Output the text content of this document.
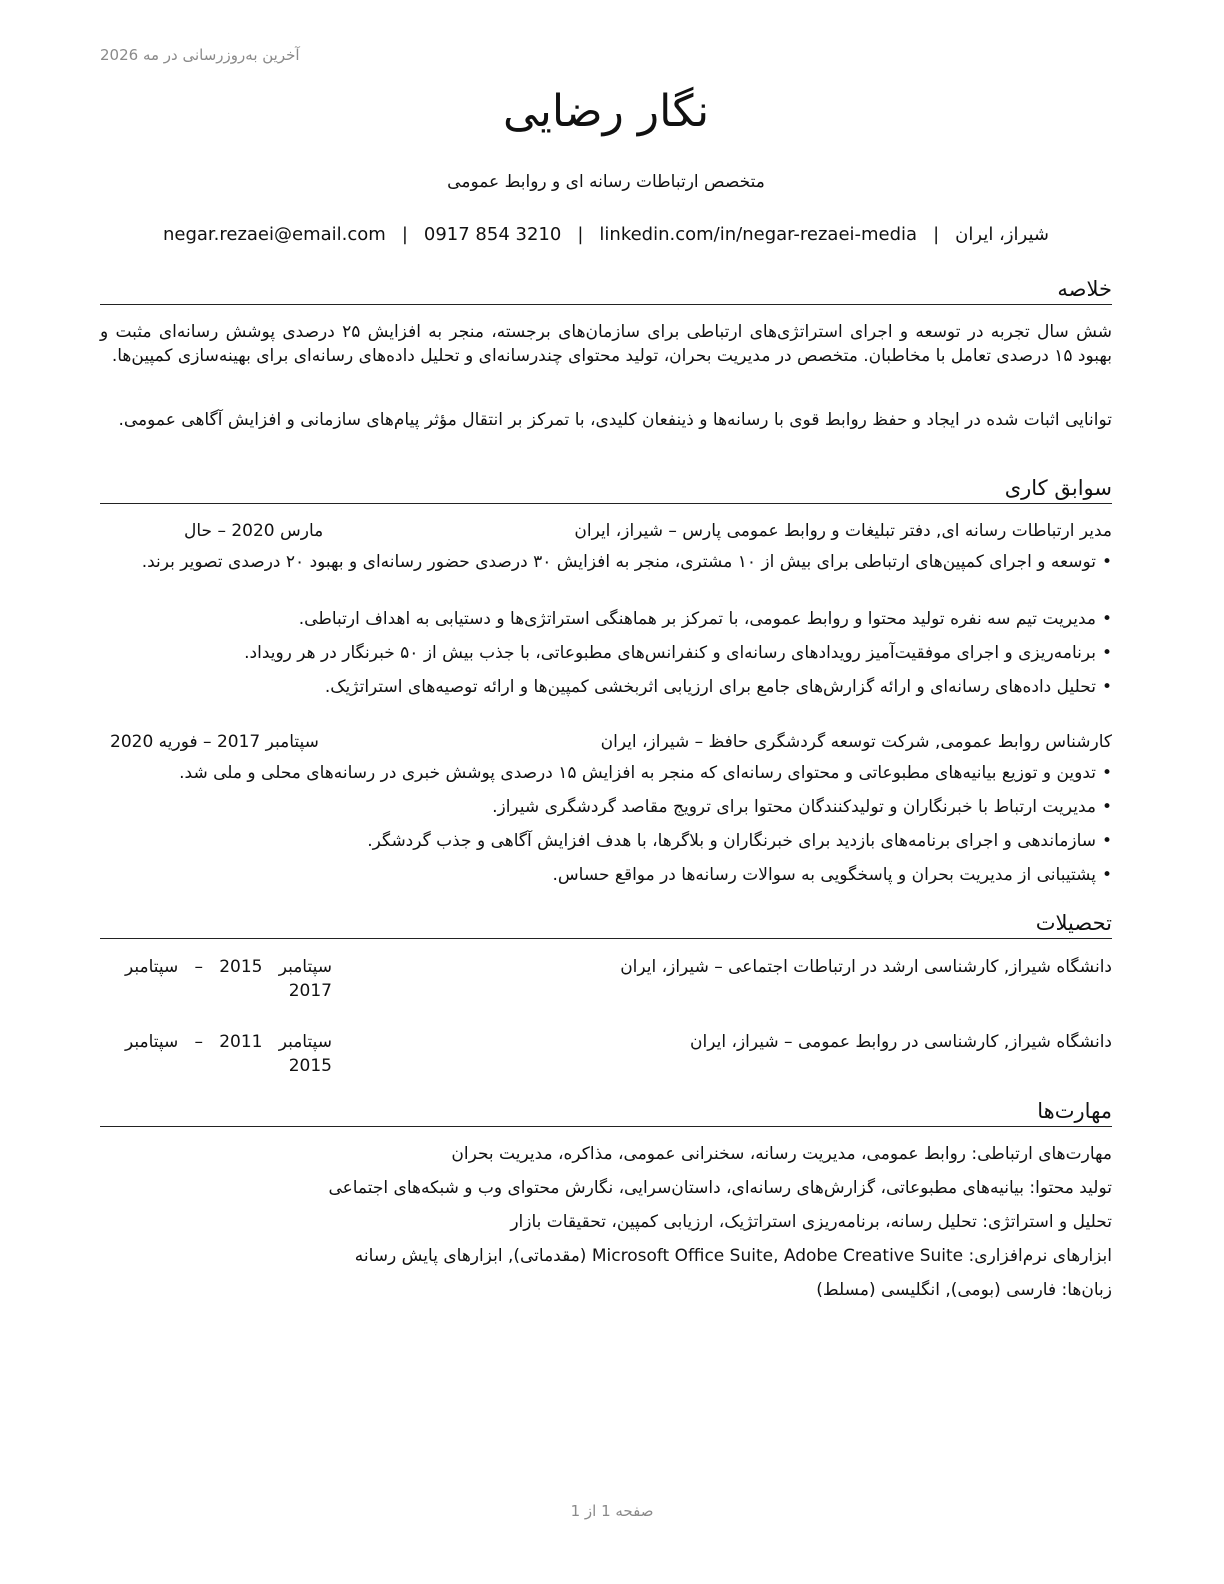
آخرین به‌روزرسانی در مه 2026
نگار رضایی
متخصص ارتباطات رسانه ای و روابط عمومی
شیراز، ایران|negar.rezaei@email.com | 0917 854 3210 | linkedin.com/in/negar-rezaei-media
خلاصه
شش سال تجربه در توسعه و اجرای استراتژی‌های ارتباطی برای سازمان‌های برجسته، منجر به افزایش ۲۵ درصدی پوشش رسانه‌ای مثبت و بهبود ۱۵ درصدی تعامل با مخاطبان. متخصص در مدیریت بحران، تولید محتوای چندرسانه‌ای و تحلیل داده‌های رسانه‌ای برای بهینه‌سازی کمپین‌ها.
توانایی اثبات شده در ایجاد و حفظ روابط قوی با رسانه‌ها و ذینفعان کلیدی، با تمرکز بر انتقال مؤثر پیام‌های سازمانی و افزایش آگاهی عمومی.
سوابق کاری
مدیر ارتباطات رسانه ای, دفتر تبلیغات و روابط عمومی پارس – شیراز، ایران
مارس 2020 – حال
•
توسعه و اجرای کمپین‌های ارتباطی برای بیش از ۱۰ مشتری، منجر به افزایش ۳۰ درصدی حضور رسانه‌ای و بهبود ۲۰ درصدی تصویر برند.
•
مدیریت تیم سه نفره تولید محتوا و روابط عمومی، با تمرکز بر هماهنگی استراتژی‌ها و دستیابی به اهداف ارتباطی.
•
برنامه‌ریزی و اجرای موفقیت‌آمیز رویدادهای رسانه‌ای و کنفرانس‌های مطبوعاتی، با جذب بیش از ۵۰ خبرنگار در هر رویداد.
•
تحلیل داده‌های رسانه‌ای و ارائه گزارش‌های جامع برای ارزیابی اثربخشی کمپین‌ها و ارائه توصیه‌های استراتژیک.
کارشناس روابط عمومی, شرکت توسعه گردشگری حافظ – شیراز، ایران
سپتامبر 2017 – فوریه 2020
•
تدوین و توزیع بیانیه‌های مطبوعاتی و محتوای رسانه‌ای که منجر به افزایش ۱۵ درصدی پوشش خبری در رسانه‌های محلی و ملی شد.
•
مدیریت ارتباط با خبرنگاران و تولیدکنندگان محتوا برای ترویج مقاصد گردشگری شیراز.
•
سازماندهی و اجرای برنامه‌های بازدید برای خبرنگاران و بلاگرها، با هدف افزایش آگاهی و جذب گردشگر.
•
پشتیبانی از مدیریت بحران و پاسخگویی به سوالات رسانه‌ها در مواقع حساس.
تحصیلات
دانشگاه شیراز, کارشناسی ارشد در ارتباطات اجتماعی – شیراز، ایران
سپتامبر   2015   –   سپتامبر
2017
دانشگاه شیراز, کارشناسی در روابط عمومی – شیراز، ایران
سپتامبر   2011   –   سپتامبر
2015
مهارت‌ها
مهارت‌های ارتباطی: روابط عمومی، مدیریت رسانه، سخنرانی عمومی، مذاکره، مدیریت بحران
تولید محتوا: بیانیه‌های مطبوعاتی، گزارش‌های رسانه‌ای، داستان‌سرایی، نگارش محتوای وب و شبکه‌های اجتماعی
تحلیل و استراتژی: تحلیل رسانه، برنامه‌ریزی استراتژیک، ارزیابی کمپین، تحقیقات بازار
ابزارهای نرم‌افزاری: Microsoft Office Suite, Adobe Creative Suite (مقدماتی), ابزارهای پایش رسانه
زبان‌ها: فارسی (بومی), انگلیسی (مسلط)
صفحه 1 از 1
